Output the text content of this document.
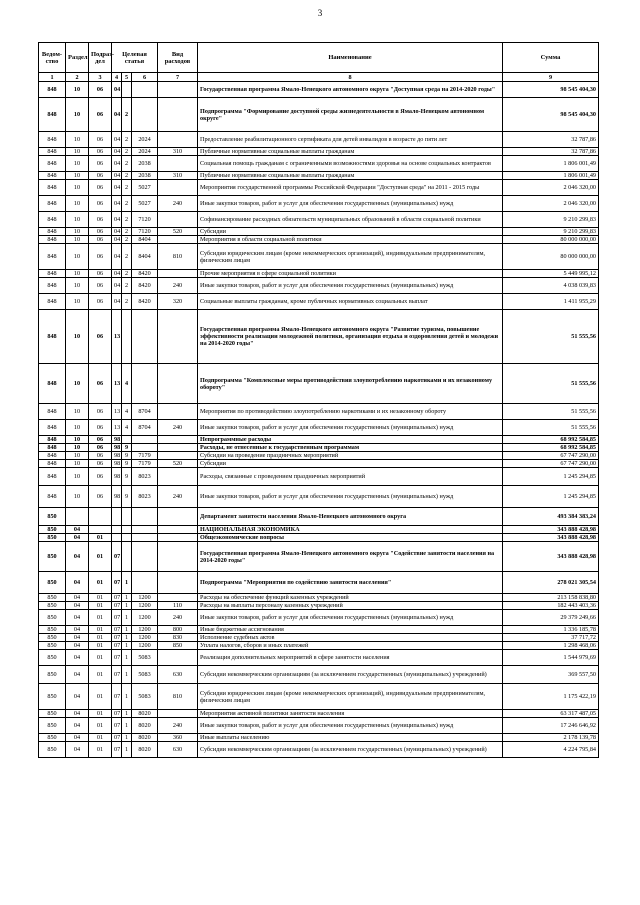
3
Ведом-ство	Раздел	Подраз-дел	Целевая статья			Вид расходов	Наименование	Сумма
1	2	3	4	5	6	7	8	9
848	10	06	04				Государственная программа Ямало-Ненецкого автономного округа "Доступная среда на 2014-2020 годы"	98 545 404,30
848	10	06	04	2			Подпрограмма "Формирование доступной среды жизнедеятельности в Ямало-Ненецком автономном округе"	98 545 404,30
848	10	06	04	2	2024		Предоставление реабилитационного сертификата для детей инвалидов в возрасте до пяти лет	32 787,86
848	10	06	04	2	2024	310	Публичные нормативные социальные выплаты гражданам	32 787,86
848	10	06	04	2	2038		Социальная помощь гражданам с ограниченными возможностями здоровья на основе социальных контрактов	1 806 001,49
848	10	06	04	2	2038	310	Публичные нормативные социальные выплаты гражданам	1 806 001,49
848	10	06	04	2	5027		Мероприятия государственной программы Российской Федерации "Доступная среда" на 2011 - 2015 годы	2 046 320,00
848	10	06	04	2	5027	240	Иные закупки товаров, работ и услуг для обеспечения государственных (муниципальных) нужд	2 046 320,00
848	10	06	04	2	7120		Софинансирование расходных обязательств муниципальных образований в области социальной политики	9 210 299,83
848	10	06	04	2	7120	520	Субсидии	9 210 299,83
848	10	06	04	2	8404		Мероприятия в области социальной политики	80 000 000,00
848	10	06	04	2	8404	810	Субсидии юридическим лицам (кроме некоммерческих организаций), индивидуальным предпринимателям, физическим лицам	80 000 000,00
848	10	06	04	2	8420		Прочие мероприятия в сфере социальной политики	5 449 995,12
848	10	06	04	2	8420	240	Иные закупки товаров, работ и услуг для обеспечения государственных (муниципальных) нужд	4 038 039,83
848	10	06	04	2	8420	320	Социальные выплаты гражданам, кроме публичных нормативных социальных выплат	1 411 955,29
848	10	06	13				Государственная программа Ямало-Ненецкого автономного округа "Развитие туризма, повышение эффективности реализации молодежной политики, организация отдыха и оздоровления детей и молодежи на 2014-2020 годы"	51 555,56
848	10	06	13	4			Подпрограмма "Комплексные меры противодействия злоупотреблению наркотиками и их незаконному обороту"	51 555,56
848	10	06	13	4	8704		Мероприятия по противодействию злоупотреблению наркотиками и их незаконному обороту	51 555,56
848	10	06	13	4	8704	240	Иные закупки товаров, работ и услуг для обеспечения государственных (муниципальных) нужд	51 555,56
848	10	06	98				Непрограммные расходы	68 992 584,85
848	10	06	98	9			Расходы, не отнесенные к государственным программам	68 992 584,85
848	10	06	98	9	7179		Субсидии на проведение праздничных мероприятий	67 747 290,00
848	10	06	98	9	7179	520	Субсидии	67 747 290,00
848	10	06	98	9	8023		Расходы, связанные с проведением праздничных мероприятий	1 245 294,85
848	10	06	98	9	8023	240	Иные закупки товаров, работ и услуг для обеспечения государственных (муниципальных) нужд	1 245 294,85
850							Департамент занятости населения Ямало-Ненецкого автономного округа	493 384 383,24
850	04						НАЦИОНАЛЬНАЯ ЭКОНОМИКА	343 888 428,98
850	04	01					Общеэкономические вопросы	343 888 428,98
850	04	01	07				Государственная программа Ямало-Ненецкого автономного округа "Содействие занятости населения на 2014-2020 годы"	343 888 428,98
850	04	01	07	1			Подпрограмма "Мероприятия по содействию занятости населения"	278 021 305,54
850	04	01	07	1	1200		Расходы на обеспечение функций казенных учреждений	213 158 838,80
850	04	01	07	1	1200	110	Расходы на выплаты персоналу казенных учреждений	182 443 403,36
850	04	01	07	1	1200	240	Иные закупки товаров, работ и услуг для обеспечения государственных (муниципальных) нужд	29 379 249,66
850	04	01	07	1	1200	800	Иные бюджетные ассигнования	1 336 185,78
850	04	01	07	1	1200	830	Исполнение судебных актов	37 717,72
850	04	01	07	1	1200	850	Уплата налогов, сборов и иных платежей	1 298 468,06
850	04	01	07	1	5083		Реализация дополнительных мероприятий в сфере занятости населения	1 544 979,69
850	04	01	07	1	5083	630	Субсидии некоммерческим организациям (за исключением государственных (муниципальных) учреждений)	369 557,50
850	04	01	07	1	5083	810	Субсидии юридическим лицам (кроме некоммерческих организаций), индивидуальным предпринимателям, физическим лицам	1 175 422,19
850	04	01	07	1	8020		Мероприятия активной политики занятости населения	63 317 487,05
850	04	01	07	1	8020	240	Иные закупки товаров, работ и услуг для обеспечения государственных (муниципальных) нужд	17 246 646,92
850	04	01	07	1	8020	360	Иные выплаты населению	2 178 139,78
850	04	01	07	1	8020	630	Субсидии некоммерческим организациям (за исключением государственных (муниципальных) учреждений)	4 224 795,84
